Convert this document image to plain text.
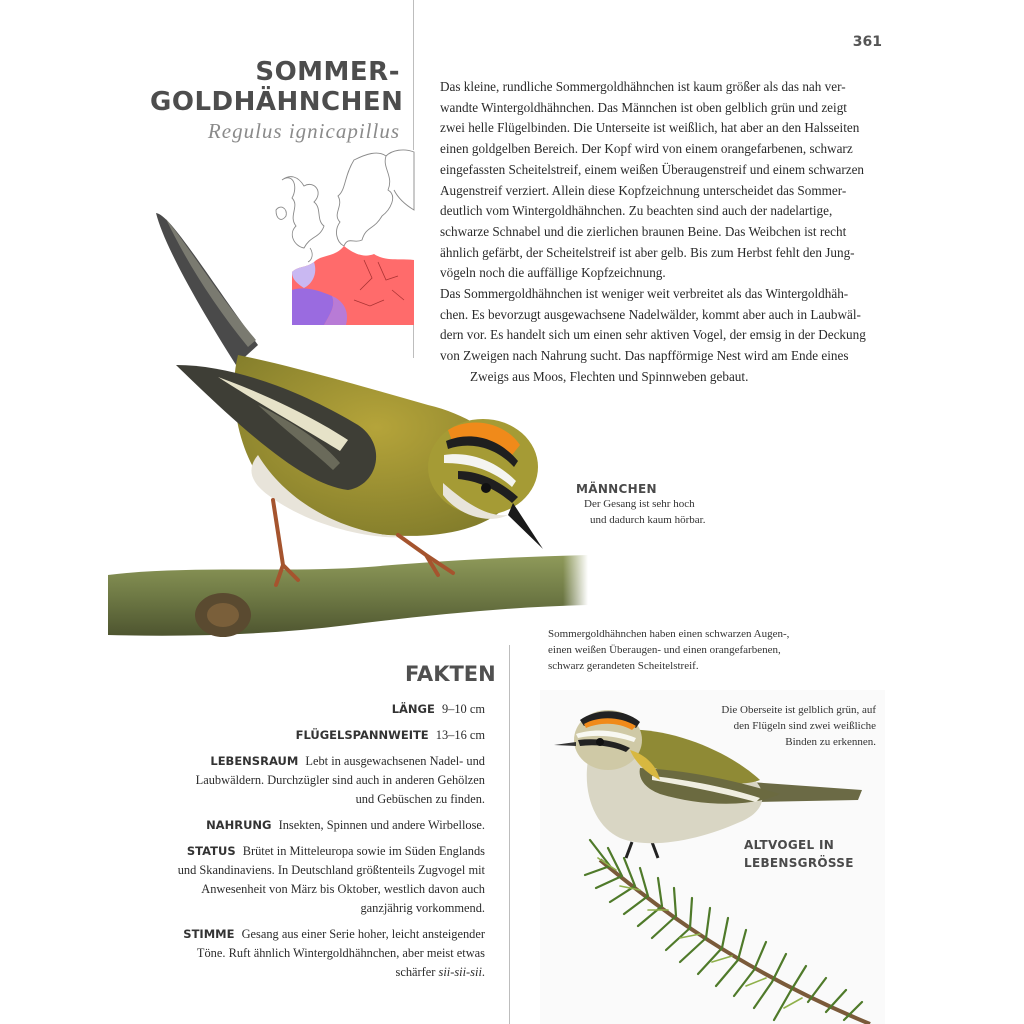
361
SOMMER-
GOLDHÄHNCHEN
Regulus ignicapillus

Das kleine, rundliche Sommergoldhähnchen ist kaum größer als das nah ver-
wandte Wintergoldhähnchen. Das Männchen ist oben gelblich grün und zeigt
zwei helle Flügelbinden. Die Unterseite ist weißlich, hat aber an den Halsseiten
einen goldgelben Bereich. Der Kopf wird von einem orangefarbenen, schwarz
eingefassten Scheitelstreif, einem weißen Überaugenstreif und einem schwarzen
Augenstreif verziert. Allein diese Kopfzeichnung unterscheidet das Sommer-
deutlich vom Wintergoldhähnchen. Zu beachten sind auch der nadelartige,
schwarze Schnabel und die zierlichen braunen Beine. Das Weibchen ist recht
ähnlich gefärbt, der Scheitelstreif ist aber gelb. Bis zum Herbst fehlt den Jung-
vögeln noch die auffällige Kopfzeichnung.

Das Sommergoldhähnchen ist weniger weit verbreitet als das Wintergoldhäh-
chen. Es bevorzugt ausgewachsene Nadelwälder, kommt aber auch in Laubwäl-
dern vor. Es handelt sich um einen sehr aktiven Vogel, der emsig in der Deckung
von Zweigen nach Nahrung sucht. Das napfförmige Nest wird am Ende eines
Zweigs aus Moos, Flechten und Spinnweben gebaut.

MÄNNCHEN
Der Gesang ist sehr hoch
und dadurch kaum hörbar.
Sommergoldhähnchen haben einen schwarzen Augen-,
einen weißen Überaugen- und einen orangefarbenen,
schwarz gerandeten Scheitelstreif.
FAKTEN
LÄNGE 9–10 cm
FLÜGELSPANNWEITE 13–16 cm
LEBENSRAUM Lebt in ausgewachsenen Nadel- und Laubwäldern. Durchzügler sind auch in anderen Gehölzen und Gebüschen zu finden.
NAHRUNG Insekten, Spinnen und andere Wirbellose.
STATUS Brütet in Mitteleuropa sowie im Süden Englands und Skandinaviens. In Deutschland größtenteils Zugvogel mit Anwesenheit von März bis Oktober, westlich davon auch ganzjährig vorkommend.
STIMME Gesang aus einer Serie hoher, leicht ansteigender Töne. Ruft ähnlich Wintergoldhähnchen, aber meist etwas schärfer sii-sii-sii.
Die Oberseite ist gelblich grün, auf
den Flügeln sind zwei weißliche
Binden zu erkennen.
ALTVOGEL IN
LEBENSGRÖSSE
